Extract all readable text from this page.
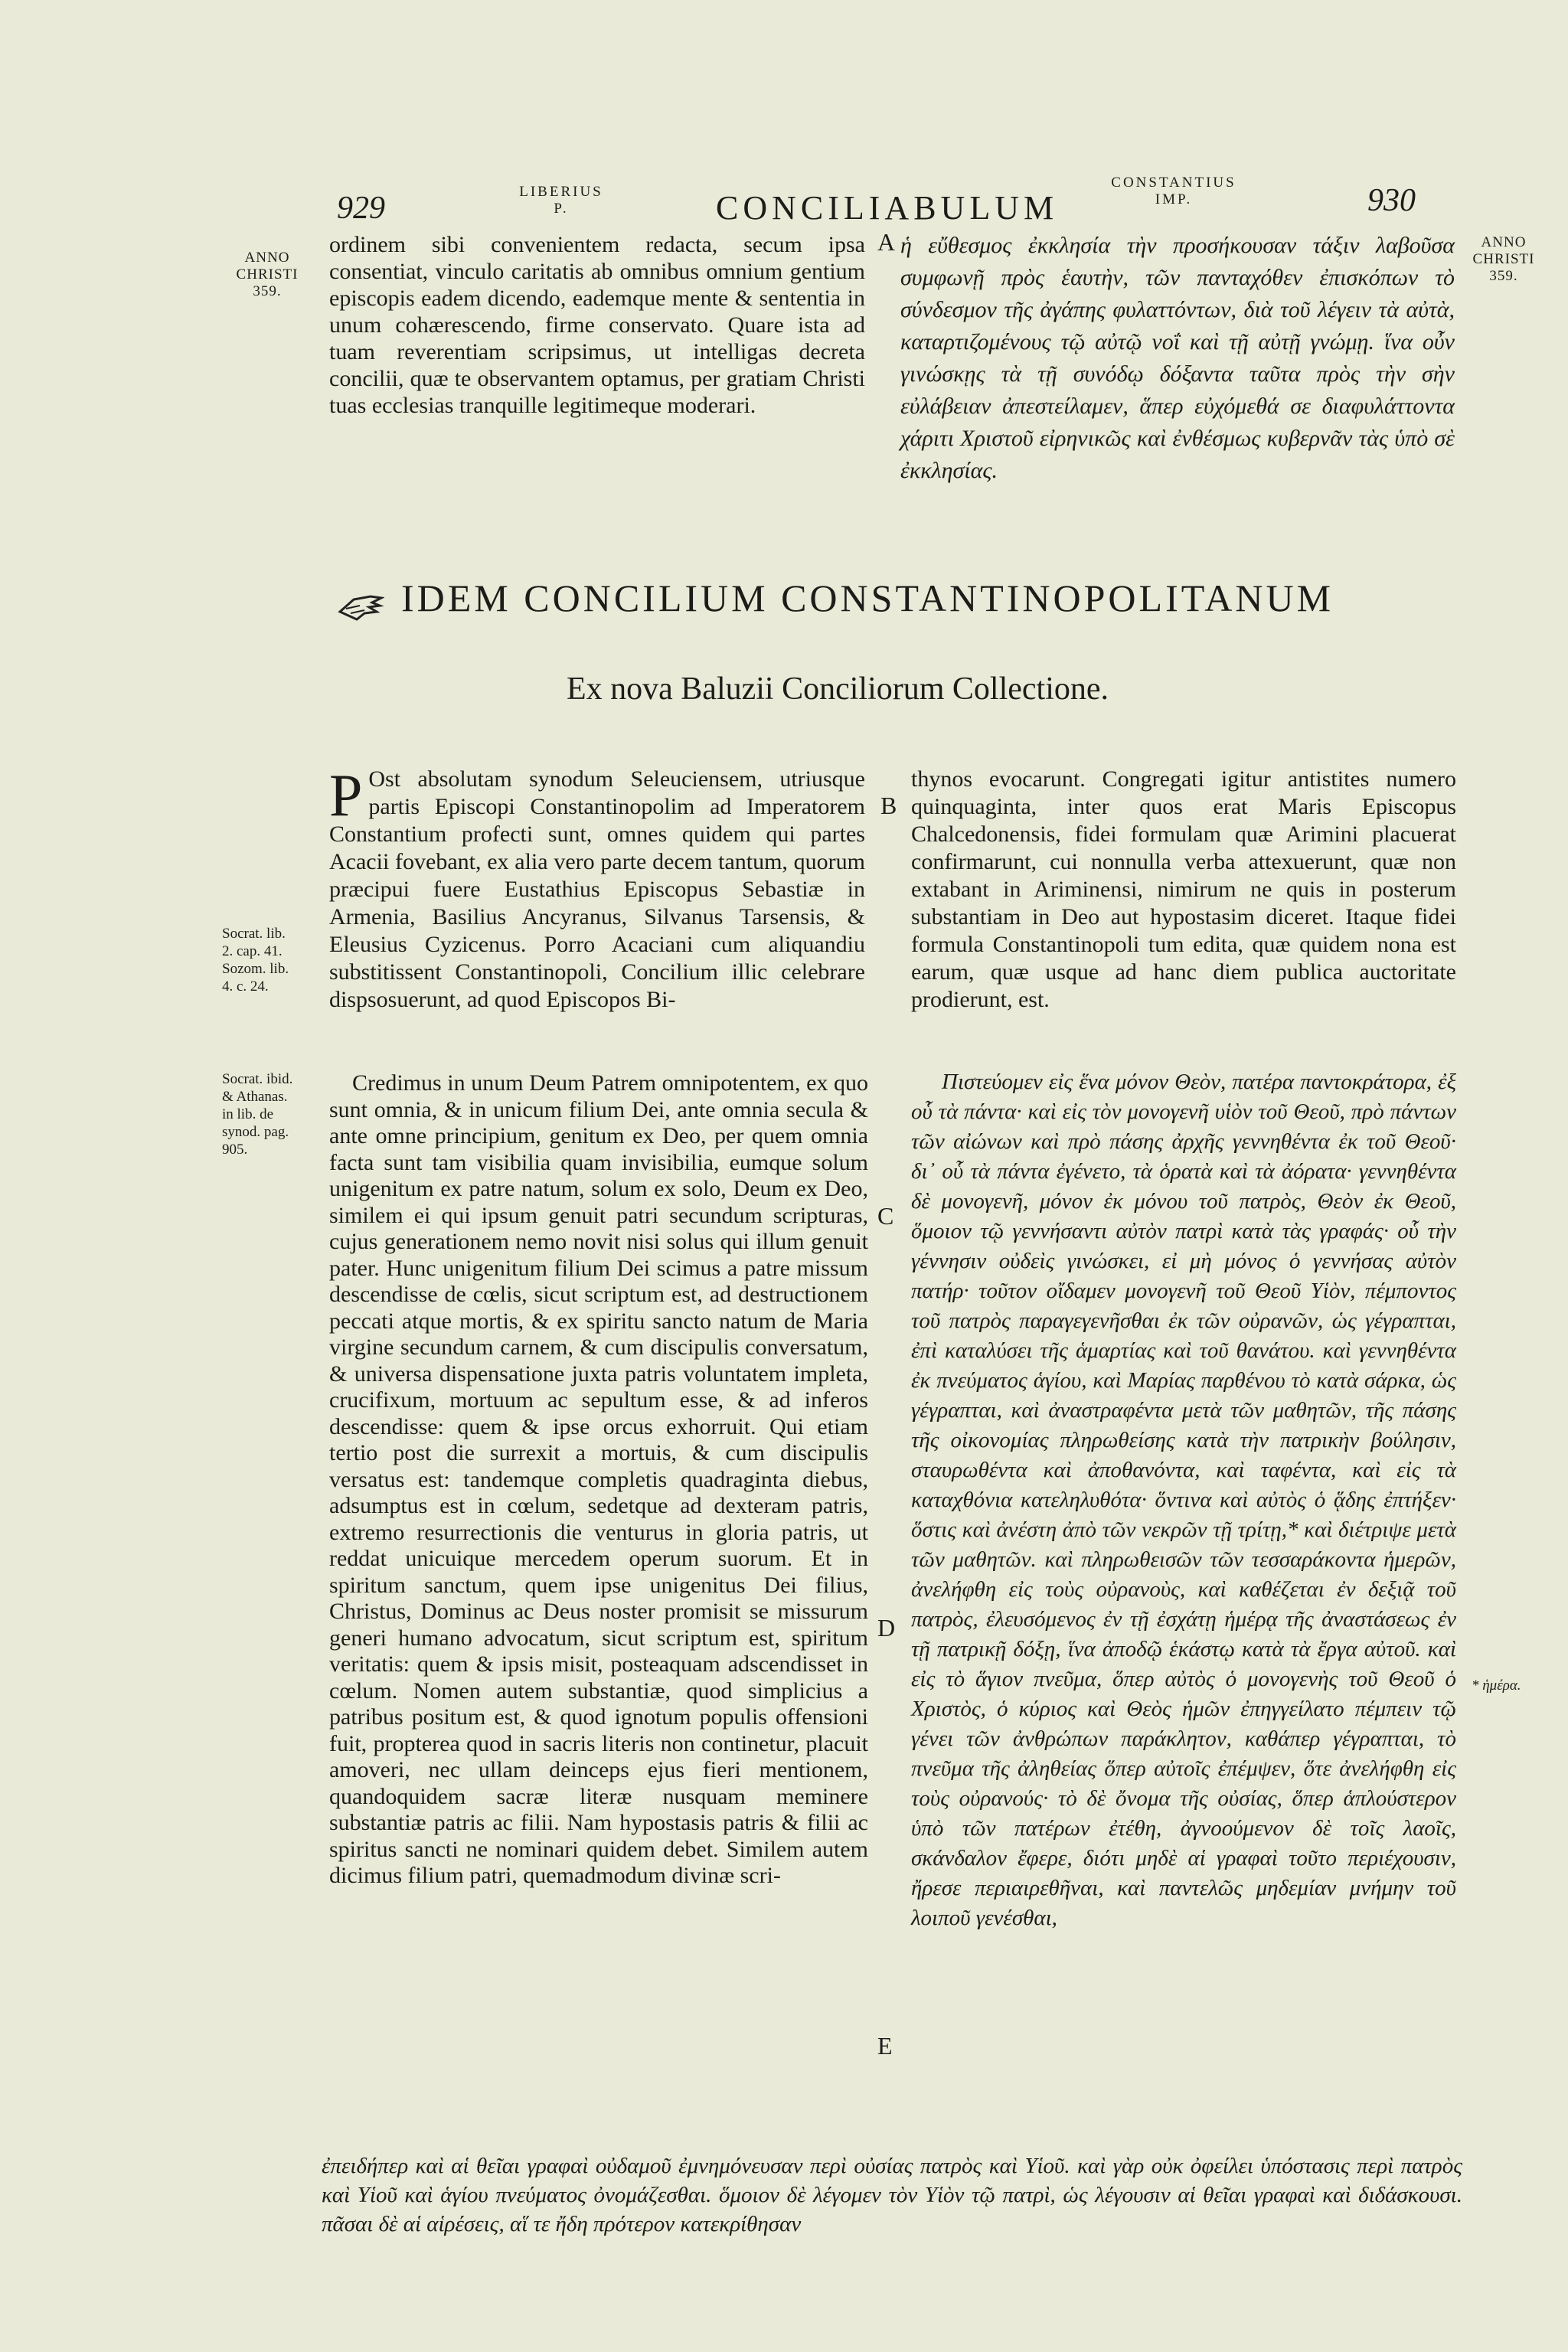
929	LIBERIUS
P.	CONCILIABULUM
CONSTANTIUS
IMP.	930
ANNO
CHRISTI
359.
Socrat. lib.
2. cap. 41.
Sozom. lib.
4. c. 24.
Socrat. ibid.
& Athanas.
in lib. de
synod. pag.
905.
ANNO
CHRISTI
359.
* ἡμέρα.
A
B
C
D
E
ordinem sibi convenientem redacta, secum ipsa consentiat, vinculo caritatis ab omnibus omnium gentium episcopis eadem dicendo, eademque mente & sententia in unum cohærescendo, firme conservato. Quare ista ad tuam reverentiam scripsimus, ut intelligas decreta concilii, quæ te observantem optamus, per gratiam Christi tuas ecclesias tranquille legitimeque moderari.
ἡ εὔθεσμος ἐκκλησία τὴν προσήκουσαν τάξιν λαβοῦσα συμφωνῇ πρὸς ἑαυτὴν, τῶν πανταχόθεν ἐπισκόπων τὸ σύνδεσμον τῆς ἀγάπης φυλαττόντων, διὰ τοῦ λέγειν τὰ αὐτὰ, καταρτιζομένους τῷ αὐτῷ νοΐ καὶ τῇ αὐτῇ γνώμῃ. ἵνα οὖν γινώσκῃς τὰ τῇ συνόδῳ δόξαντα ταῦτα πρὸς τὴν σὴν εὐλάβειαν ἀπεστείλαμεν, ἅπερ εὐχόμεθά σε διαφυλάττοντα χάριτι Χριστοῦ εἰρηνικῶς καὶ ἐνθέσμως κυβερνᾶν τὰς ὑπὸ σὲ ἐκκλησίας.
IDEM CONCILIUM CONSTANTINOPOLITANUM
Ex nova Baluzii Conciliorum Collectione.
P Ost absolutam synodum Seleuciensem, utriusque partis Episcopi Constantinopolim ad Imperatorem Constantium profecti sunt, omnes quidem qui partes Acacii fovebant, ex alia vero parte decem tantum, quorum præcipui fuere Eustathius Episcopus Sebastiæ in Armenia, Basilius Ancyranus, Silvanus Tarsensis, & Eleusius Cyzicenus. Porro Acaciani cum aliquandiu substitissent Constantinopoli, Concilium illic celebrare dispsosuerunt, ad quod Episcopos Bi-
thynos evocarunt. Congregati igitur antistites numero quinquaginta, inter quos erat Maris Episcopus Chalcedonensis, fidei formulam quæ Arimini placuerat confirmarunt, cui nonnulla verba attexuerunt, quæ non extabant in Ariminensi, nimirum ne quis in posterum substantiam in Deo aut hypostasim diceret. Itaque fidei formula Constantinopoli tum edita, quæ quidem nona est earum, quæ usque ad hanc diem publica auctoritate prodierunt, est.
Credimus in unum Deum Patrem omnipotentem, ex quo sunt omnia, & in unicum filium Dei, ante omnia secula & ante omne principium, genitum ex Deo, per quem omnia facta sunt tam visibilia quam invisibilia, eumque solum unigenitum ex patre natum, solum ex solo, Deum ex Deo, similem ei qui ipsum genuit patri secundum scripturas, cujus generationem nemo novit nisi solus qui illum genuit pater. Hunc unigenitum filium Dei scimus a patre missum descendisse de cœlis, sicut scriptum est, ad destructionem peccati atque mortis, & ex spiritu sancto natum de Maria virgine secundum carnem, & cum discipulis conversatum, & universa dispensatione juxta patris voluntatem impleta, crucifixum, mortuum ac sepultum esse, & ad inferos descendisse: quem & ipse orcus exhorruit. Qui etiam tertio post die surrexit a mortuis, & cum discipulis versatus est: tandemque completis quadraginta diebus, adsumptus est in cœlum, sedetque ad dexteram patris, extremo resurrectionis die venturus in gloria patris, ut reddat unicuique mercedem operum suorum. Et in spiritum sanctum, quem ipse unigenitus Dei filius, Christus, Dominus ac Deus noster promisit se missurum generi humano advocatum, sicut scriptum est, spiritum veritatis: quem & ipsis misit, posteaquam adscendisset in cœlum. Nomen autem substantiæ, quod simplicius a patribus positum est, & quod ignotum populis offensioni fuit, propterea quod in sacris literis non continetur, placuit amoveri, nec ullam deinceps ejus fieri mentionem, quandoquidem sacræ literæ nusquam meminere substantiæ patris ac filii. Nam hypostasis patris & filii ac spiritus sancti ne nominari quidem debet. Similem autem dicimus filium patri, quemadmodum divinæ scri-
Πιστεύομεν εἰς ἕνα μόνον Θεὸν, πατέρα παντοκράτορα, ἐξ οὗ τὰ πάντα· καὶ εἰς τὸν μονογενῆ υἱὸν τοῦ Θεοῦ, πρὸ πάντων τῶν αἰώνων καὶ πρὸ πάσης ἀρχῆς γεννηθέντα ἐκ τοῦ Θεοῦ· δι᾽ οὗ τὰ πάντα ἐγένετο, τὰ ὁρατὰ καὶ τὰ ἀόρατα· γεννηθέντα δὲ μονογενῆ, μόνον ἐκ μόνου τοῦ πατρὸς, Θεὸν ἐκ Θεοῦ, ὅμοιον τῷ γεννήσαντι αὐτὸν πατρὶ κατὰ τὰς γραφάς· οὗ τὴν γέννησιν οὐδεὶς γινώσκει, εἰ μὴ μόνος ὁ γεννήσας αὐτὸν πατήρ· τοῦτον οἴδαμεν μονογενῆ τοῦ Θεοῦ Υἱὸν, πέμποντος τοῦ πατρὸς παραγεγενῆσθαι ἐκ τῶν οὐρανῶν, ὡς γέγραπται, ἐπὶ καταλύσει τῆς ἁμαρτίας καὶ τοῦ θανάτου. καὶ γεννηθέντα ἐκ πνεύματος ἁγίου, καὶ Μαρίας παρθένου τὸ κατὰ σάρκα, ὡς γέγραπται, καὶ ἀναστραφέντα μετὰ τῶν μαθητῶν, τῆς πάσης τῆς οἰκονομίας πληρωθείσης κατὰ τὴν πατρικὴν βούλησιν, σταυρωθέντα καὶ ἀποθανόντα, καὶ ταφέντα, καὶ εἰς τὰ καταχθόνια κατεληλυθότα· ὅντινα καὶ αὐτὸς ὁ ᾅδης ἐπτήξεν· ὅστις καὶ ἀνέστη ἀπὸ τῶν νεκρῶν τῇ τρίτῃ,* καὶ διέτριψε μετὰ τῶν μαθητῶν. καὶ πληρωθεισῶν τῶν τεσσαράκοντα ἡμερῶν, ἀνελήφθη εἰς τοὺς οὐρανοὺς, καὶ καθέζεται ἐν δεξιᾷ τοῦ πατρὸς, ἐλευσόμενος ἐν τῇ ἐσχάτῃ ἡμέρᾳ τῆς ἀναστάσεως ἐν τῇ πατρικῇ δόξῃ, ἵνα ἀποδῷ ἑκάστῳ κατὰ τὰ ἔργα αὐτοῦ. καὶ εἰς τὸ ἅγιον πνεῦμα, ὅπερ αὐτὸς ὁ μονογενὴς τοῦ Θεοῦ ὁ Χριστὸς, ὁ κύριος καὶ Θεὸς ἡμῶν ἐπηγγείλατο πέμπειν τῷ γένει τῶν ἀνθρώπων παράκλητον, καθάπερ γέγραπται, τὸ πνεῦμα τῆς ἀληθείας ὅπερ αὐτοῖς ἐπέμψεν, ὅτε ἀνελήφθη εἰς τοὺς οὐρανούς· τὸ δὲ ὄνομα τῆς οὐσίας, ὅπερ ἁπλούστερον ὑπὸ τῶν πατέρων ἐτέθη, ἀγνοούμενον δὲ τοῖς λαοῖς, σκάνδαλον ἔφερε, διότι μηδὲ αἱ γραφαὶ τοῦτο περιέχουσιν, ἤρεσε περιαιρεθῆναι, καὶ παντελῶς μηδεμίαν μνήμην τοῦ λοιποῦ γενέσθαι,
ἐπειδήπερ καὶ αἱ θεῖαι γραφαὶ οὐδαμοῦ ἐμνημόνευσαν περὶ οὐσίας πατρὸς καὶ Υἱοῦ. καὶ γὰρ οὐκ ὀφείλει ὑπόστασις περὶ πατρὸς καὶ Υἱοῦ καὶ ἁγίου πνεύματος ὀνομάζεσθαι. ὅμοιον δὲ λέγομεν τὸν Υἱὸν τῷ πατρὶ, ὡς λέγουσιν αἱ θεῖαι γραφαὶ καὶ διδάσκουσι. πᾶσαι δὲ αἱ αἱρέσεις, αἵ τε ἤδη πρότερον κατεκρίθησαν
